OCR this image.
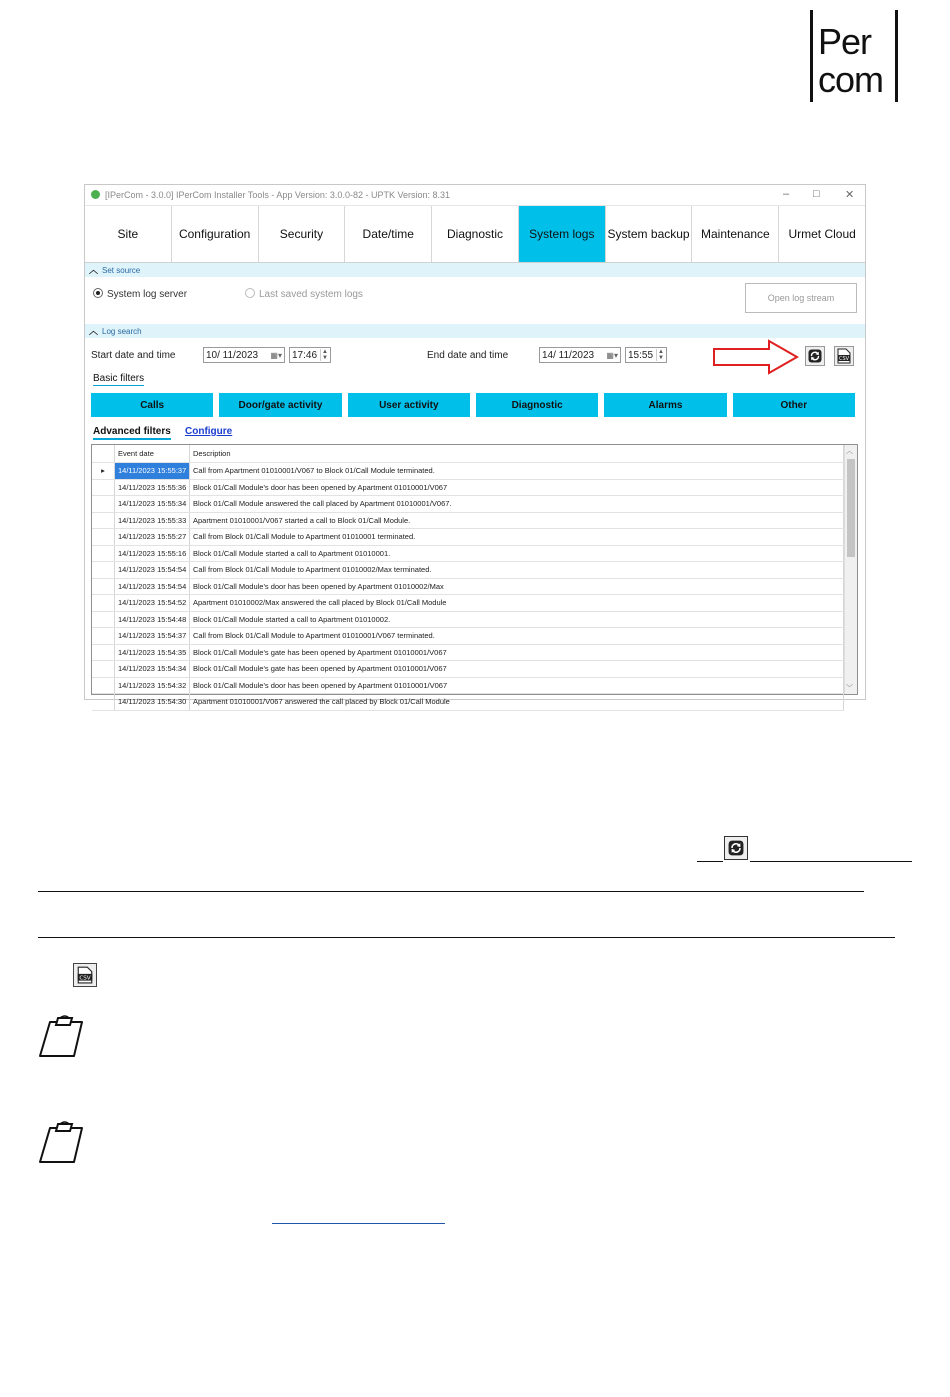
Per
com
[IPerCom - 3.0.0] IPerCom Installer Tools - App Version: 3.0.0-82 - UPTK Version: 8.31	– □ ✕
Site	Configuration	Security	Date/time	Diagnostic	System logs	System backup Maintenance	Urmet Cloud
︿ Set source
System log server	Last saved system logs	Open log stream
︿ Log search
Start date and time	10/ 11/2023 ▦▾	17:46 ▲
▼	End date and time	14/ 11/2023 ▦▾	15:55 ▲
▼	CSV
Basic filters
Calls	Door/gate activity	User activity	Diagnostic	Alarms	Other
Advanced filters Configure
	Event date	Description
▸	14/11/2023 15:55:37	Call from Apartment 01010001/V067 to Block 01/Call Module terminated.
	14/11/2023 15:55:36	Block 01/Call Module's door has been opened by Apartment 01010001/V067
	14/11/2023 15:55:34	Block 01/Call Module answered the call placed by Apartment 01010001/V067.
	14/11/2023 15:55:33	Apartment 01010001/V067 started a call to Block 01/Call Module.
	14/11/2023 15:55:27	Call from Block 01/Call Module to Apartment 01010001 terminated.
	14/11/2023 15:55:16	Block 01/Call Module started a call to Apartment 01010001.
	14/11/2023 15:54:54	Call from Block 01/Call Module to Apartment 01010002/Max terminated.
	14/11/2023 15:54:54	Block 01/Call Module's door has been opened by Apartment 01010002/Max
	14/11/2023 15:54:52	Apartment 01010002/Max answered the call placed by Block 01/Call Module
	14/11/2023 15:54:48	Block 01/Call Module started a call to Apartment 01010002.
	14/11/2023 15:54:37	Call from Block 01/Call Module to Apartment 01010001/V067 terminated.
	14/11/2023 15:54:35	Block 01/Call Module's gate has been opened by Apartment 01010001/V067
	14/11/2023 15:54:34	Block 01/Call Module's gate has been opened by Apartment 01010001/V067
	14/11/2023 15:54:32	Block 01/Call Module's door has been opened by Apartment 01010001/V067
	14/11/2023 15:54:30	Apartment 01010001/V067 answered the call placed by Block 01/Call Module
︿
﹀
CSV
